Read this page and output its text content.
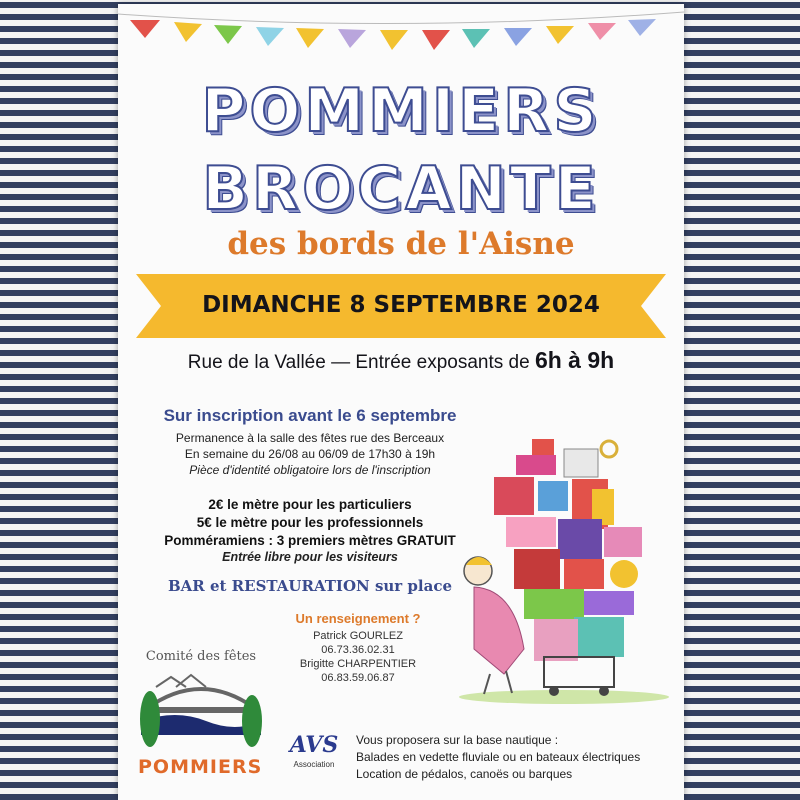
POMMIERS
BROCANTE
des bords de l'Aisne
DIMANCHE 8 SEPTEMBRE 2024
Rue de la Vallée — Entrée exposants de 6h à 9h
Sur inscription avant le 6 septembre
Permanence à la salle des fêtes rue des Berceaux
En semaine du 26/08 au 06/09 de 17h30 à 19h
Pièce d'identité obligatoire lors de l'inscription
2€ le mètre pour les particuliers
5€ le mètre pour les professionnels
Pomméramiens : 3 premiers mètres GRATUIT
Entrée libre pour les visiteurs
BAR et RESTAURATION sur place
Un renseignement ?
Patrick GOURLEZ
06.73.36.02.31
Brigitte CHARPENTIER
06.83.59.06.87
Comité des fêtes
POMMIERS
AVS
Association
Vous proposera sur la base nautique :
Balades en vedette fluviale ou en bateaux électriques
Location de pédalos, canoës ou barques
